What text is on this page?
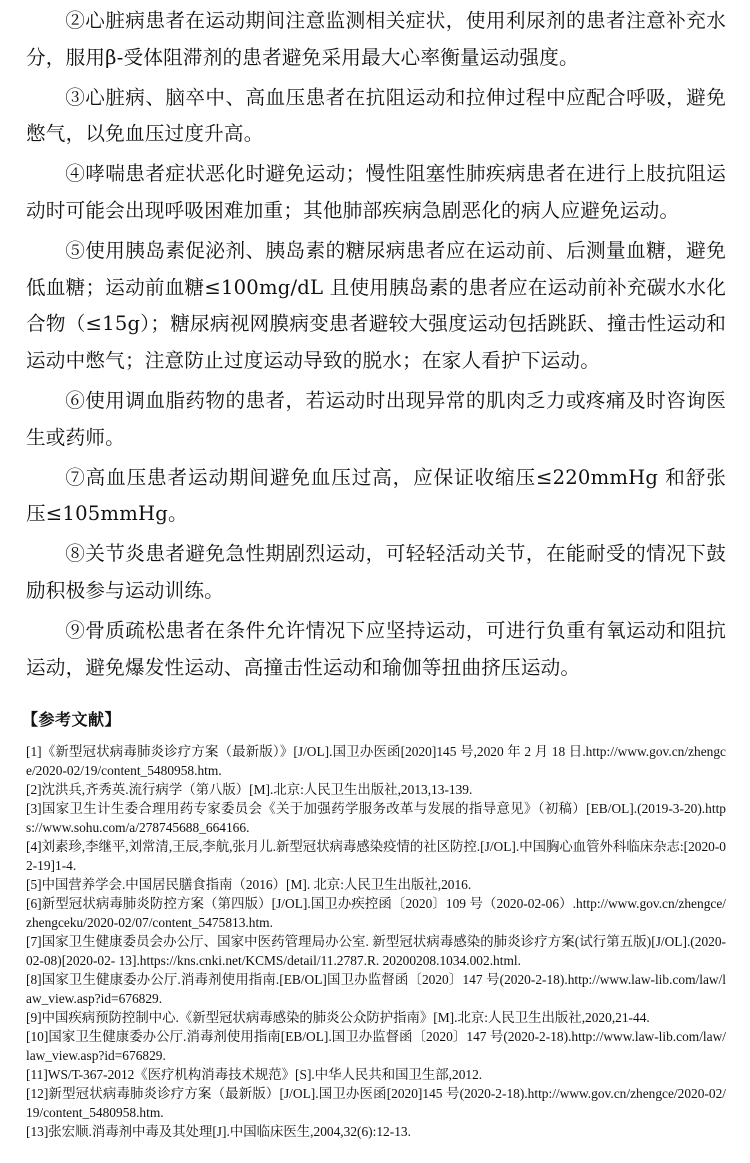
②心脏病患者在运动期间注意监测相关症状，使用利尿剂的患者注意补充水分，服用β-受体阻滞剂的患者避免采用最大心率衡量运动强度。

③心脏病、脑卒中、高血压患者在抗阻运动和拉伸过程中应配合呼吸，避免憋气，以免血压过度升高。

④哮喘患者症状恶化时避免运动；慢性阻塞性肺疾病患者在进行上肢抗阻运动时可能会出现呼吸困难加重；其他肺部疾病急剧恶化的病人应避免运动。

⑤使用胰岛素促泌剂、胰岛素的糖尿病患者应在运动前、后测量血糖，避免低血糖；运动前血糖≤100mg/dL 且使用胰岛素的患者应在运动前补充碳水水化合物（≤15g）；糖尿病视网膜病变患者避较大强度运动包括跳跃、撞击性运动和运动中憋气；注意防止过度运动导致的脱水；在家人看护下运动。

⑥使用调血脂药物的患者，若运动时出现异常的肌肉乏力或疼痛及时咨询医生或药师。

⑦高血压患者运动期间避免血压过高，应保证收缩压≤220mmHg 和舒张压≤105mmHg。

⑧关节炎患者避免急性期剧烈运动，可轻轻活动关节，在能耐受的情况下鼓励积极参与运动训练。

⑨骨质疏松患者在条件允许情况下应坚持运动，可进行负重有氧运动和阻抗运动，避免爆发性运动、高撞击性运动和瑜伽等扭曲挤压运动。

【参考文献】

[1]《新型冠状病毒肺炎诊疗方案（最新版）》[J/OL].国卫办医函[2020]145 号,2020 年 2 月 18 日.http://www.gov.cn/zhengce/2020-02/19/content_5480958.htm.

[2]沈洪兵,齐秀英.流行病学（第八版）[M].北京:人民卫生出版社,2013,13-139.

[3]国家卫生计生委合理用药专家委员会《关于加强药学服务改革与发展的指导意见》（初稿）[EB/OL].(2019-3-20).https://www.sohu.com/a/278745688_664166.

[4]刘素珍,李继平,刘常清,王辰,李航,张月儿.新型冠状病毒感染疫情的社区防控.[J/OL].中国胸心血管外科临床杂志:[2020-02-19]1-4.

[5]中国营养学会.中国居民膳食指南（2016）[M]. 北京:人民卫生出版社,2016.

[6]新型冠状病毒肺炎防控方案（第四版）[J/OL].国卫办疾控函〔2020〕109 号（2020-02-06）.http://www.gov.cn/zhengce/zhengceku/2020-02/07/content_5475813.htm.

[7]国家卫生健康委员会办公厅、国家中医药管理局办公室. 新型冠状病毒感染的肺炎诊疗方案(试行第五版)[J/OL].(2020-02-08)[2020-02- 13].https://kns.cnki.net/KCMS/detail/11.2787.R. 20200208.1034.002.html.

[8]国家卫生健康委办公厅.消毒剂使用指南.[EB/OL]国卫办监督函〔2020〕147 号(2020-2-18).http://www.law-lib.com/law/law_view.asp?id=676829.

[9]中国疾病预防控制中心.《新型冠状病毒感染的肺炎公众防护指南》[M].北京:人民卫生出版社,2020,21-44.

[10]国家卫生健康委办公厅.消毒剂使用指南[EB/OL].国卫办监督函〔2020〕147 号(2020-2-18).http://www.law-lib.com/law/law_view.asp?id=676829.

[11]WS/T-367-2012《医疗机构消毒技术规范》[S].中华人民共和国卫生部,2012.

[12]新型冠状病毒肺炎诊疗方案（最新版）[J/OL].国卫办医函[2020]145 号(2020-2-18).http://www.gov.cn/zhengce/2020-02/19/content_5480958.htm.

[13]张宏顺.消毒剂中毒及其处理[J].中国临床医生,2004,32(6):12-13.
